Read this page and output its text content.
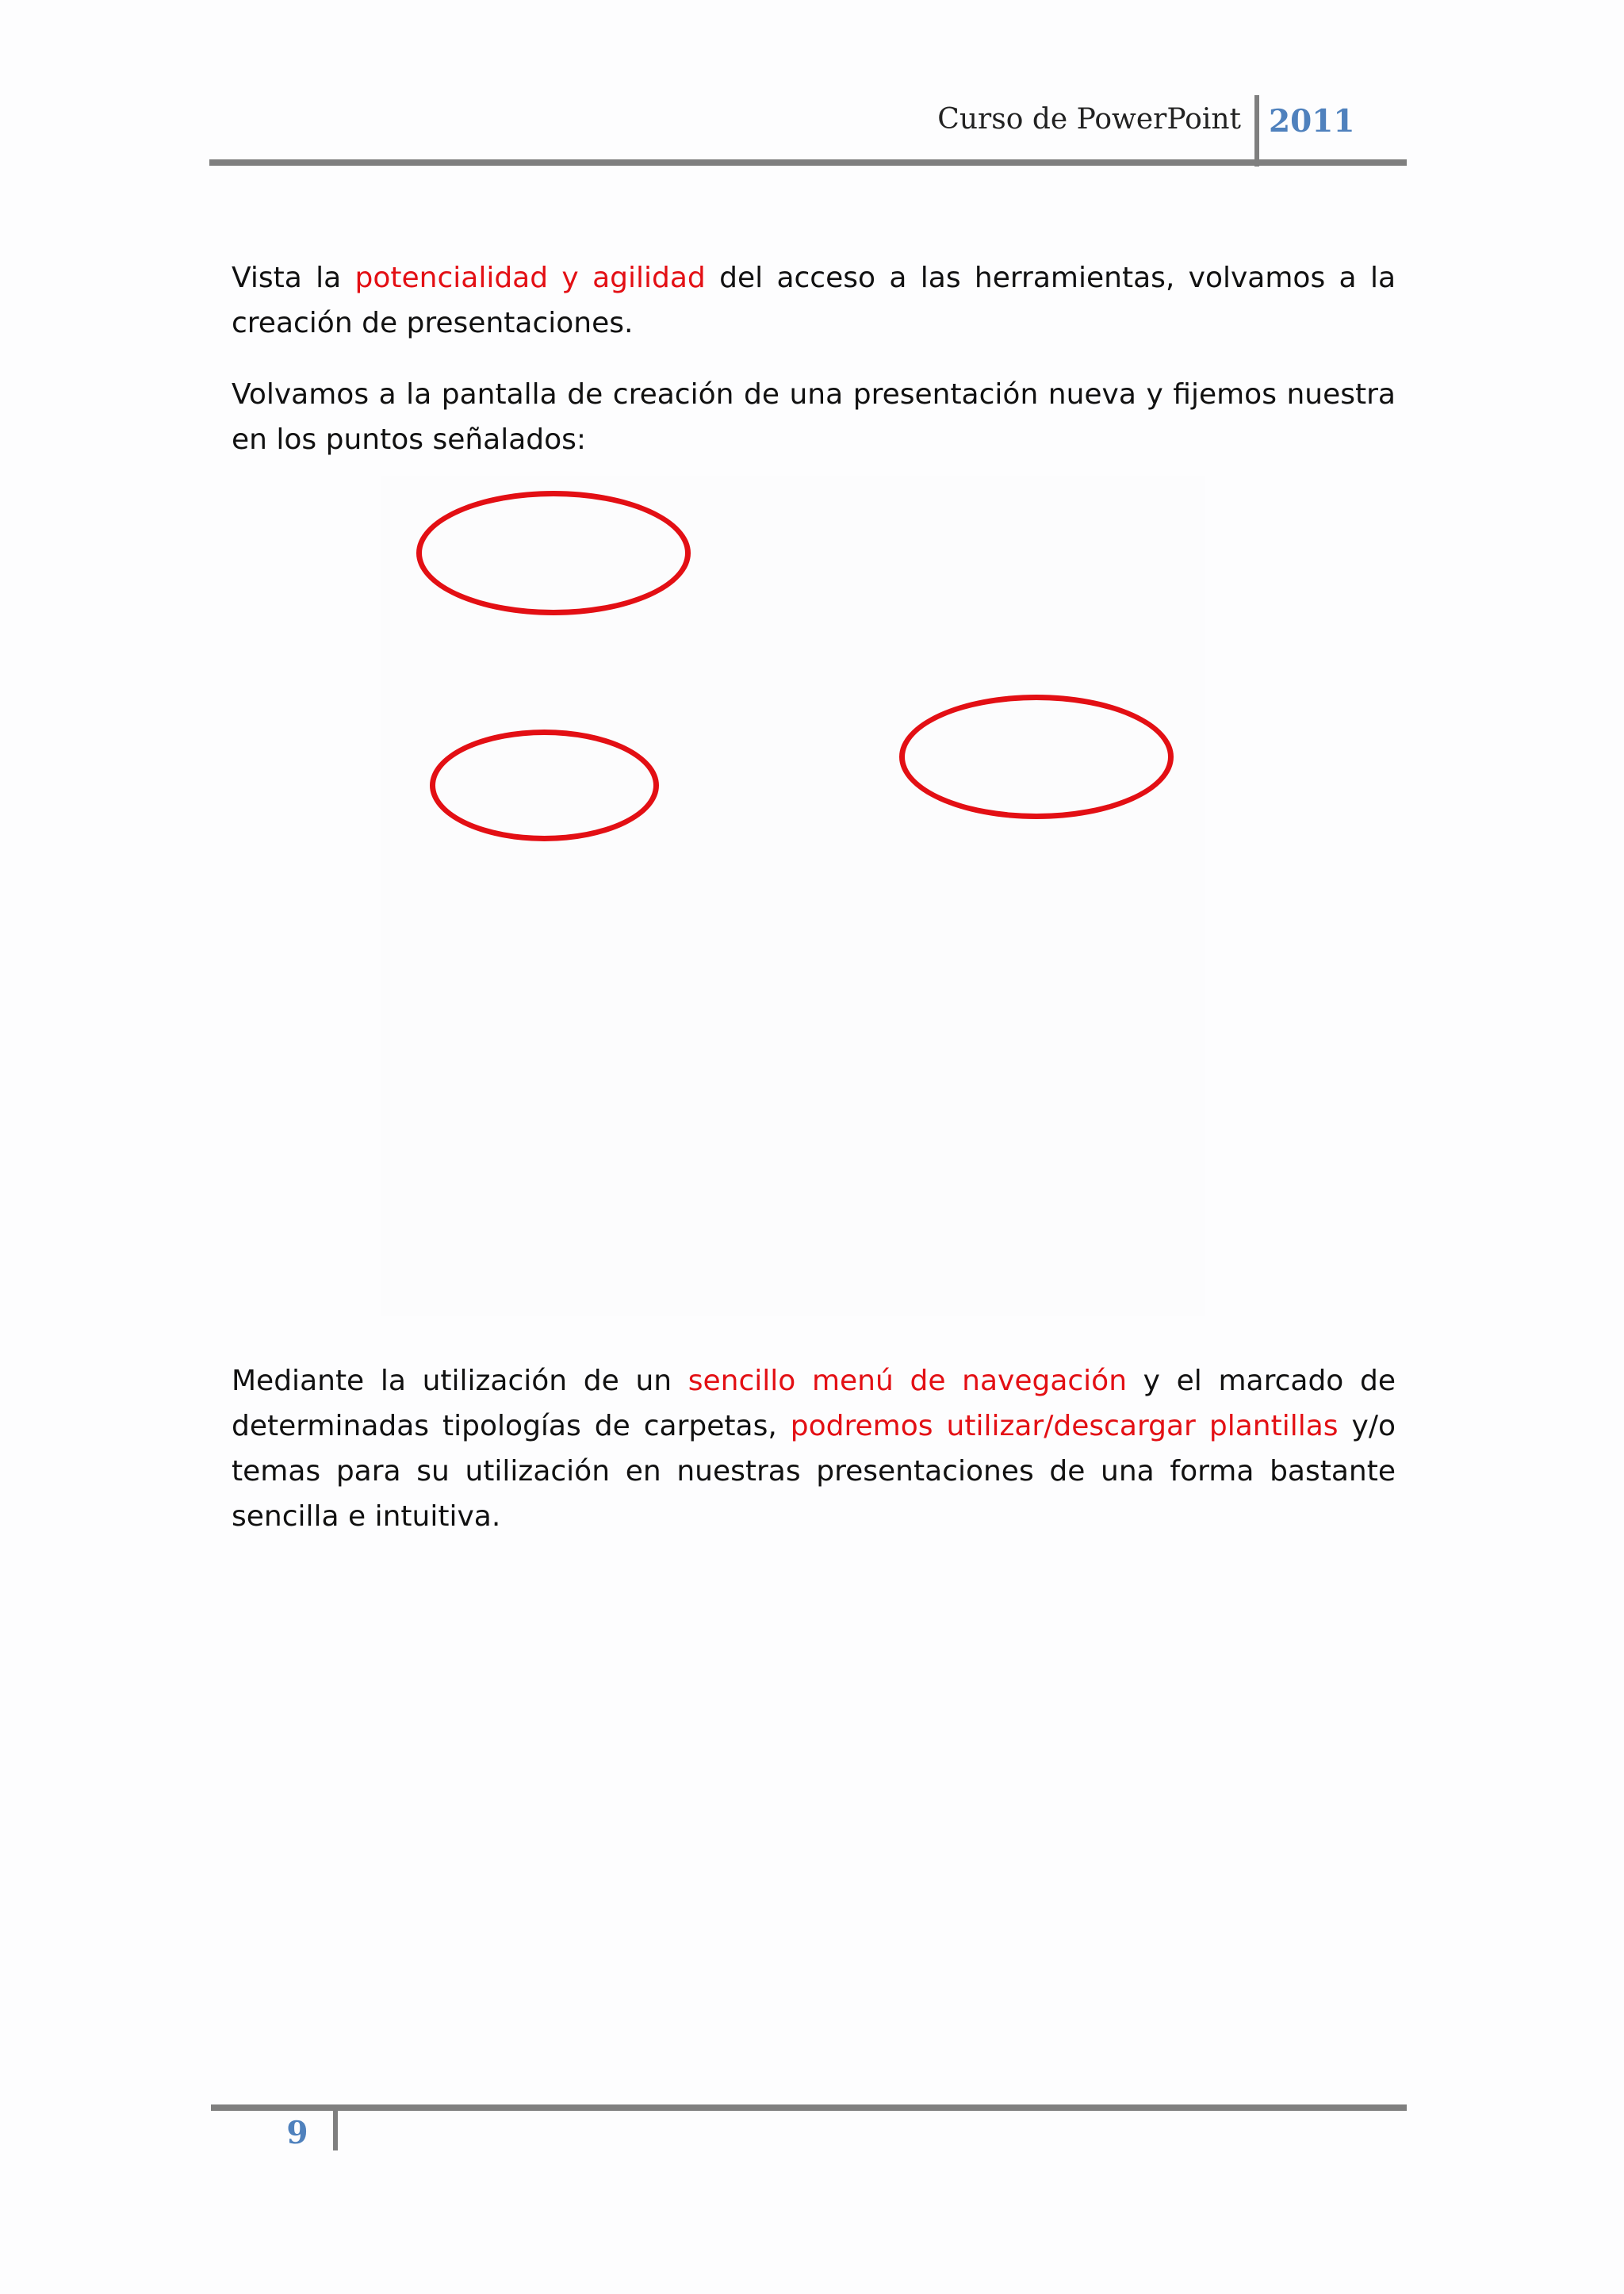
Curso de PowerPoint 2011

Vista la potencialidad y agilidad del acceso a las herramientas, volvamos a la creación de presentaciones.

Volvamos a la pantalla de creación de una presentación nueva y fijemos nuestra en los puntos señalados:

Mediante la utilización de un sencillo menú de navegación y el marcado de determinadas tipologías de carpetas, podremos utilizar/descargar plantillas y/o temas para su utilización en nuestras presentaciones de una forma bastante sencilla e intuitiva.

9
